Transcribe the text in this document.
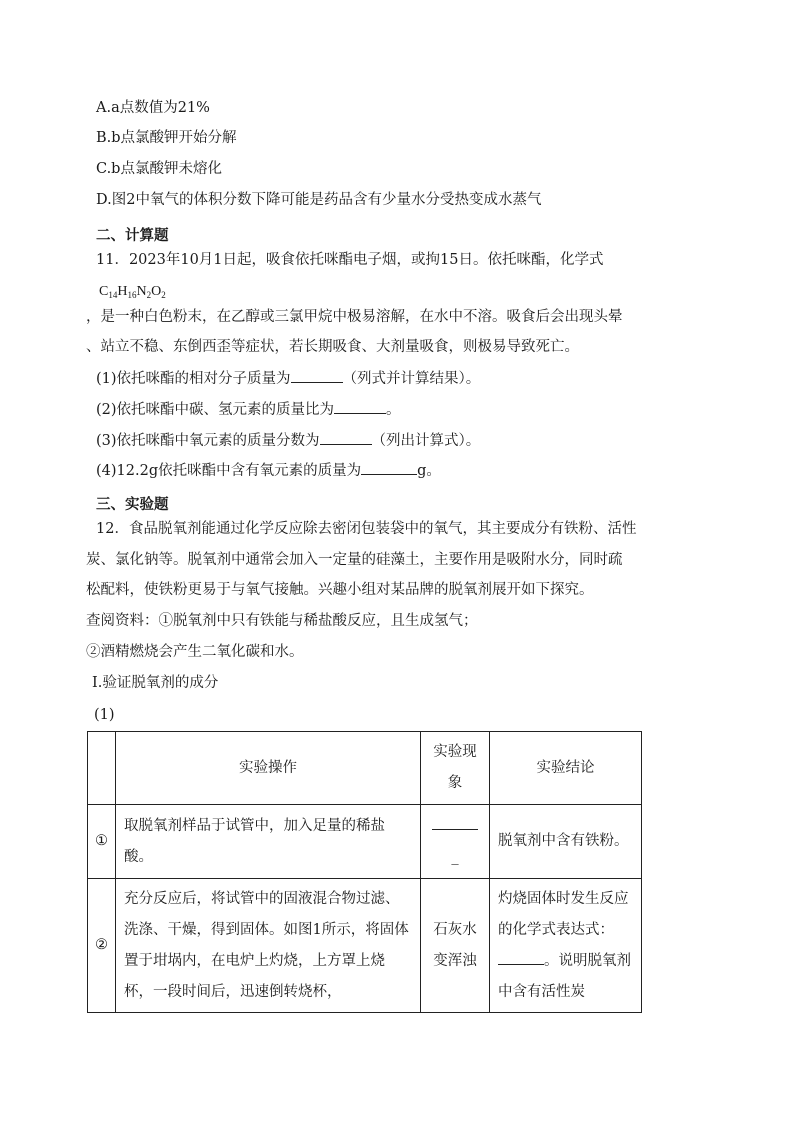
A.a点数值为21%
B.b点氯酸钾开始分解
C.b点氯酸钾未熔化
D.图2中氧气的体积分数下降可能是药品含有少量水分受热变成水蒸气
二、计算题
11．2023年10月1日起，吸食依托咪酯电子烟，或拘15日。依托咪酯，化学式
$C_{14}H_{16}N_2O_2$
，是一种白色粉末，在乙醇或三氯甲烷中极易溶解，在水中不溶。吸食后会出现头晕
、站立不稳、东倒西歪等症状，若长期吸食、大剂量吸食，则极易导致死亡。
(1)依托咪酯的相对分子质量为	（列式并计算结果）。
(2)依托咪酯中碳、氢元素的质量比为	。
(3)依托咪酯中氧元素的质量分数为	（列出计算式）。
(4)12.2g依托咪酯中含有氧元素的质量为	g。
三、实验题
12．食品脱氧剂能通过化学反应除去密闭包装袋中的氧气，其主要成分有铁粉、活性
炭、氯化钠等。脱氧剂中通常会加入一定量的硅藻土，主要作用是吸附水分，同时疏
松配料，使铁粉更易于与氧气接触。兴趣小组对某品牌的脱氧剂展开如下探究。
查阅资料：①脱氧剂中只有铁能与稀盐酸反应，且生成氢气；
②酒精燃烧会产生二氧化碳和水。
Ⅰ.验证脱氧剂的成分
(1)
	实验操作	实验现象	实验结论
①	取脱氧剂样品于试管中，加入足量的稀盐酸。	_	脱氧剂中含有铁粉。
②	充分反应后，将试管中的固液混合物过滤、洗涤、干燥，得到固体。如图1所示，将固体置于坩埚内，在电炉上灼烧，上方罩上烧杯，一段时间后，迅速倒转烧杯，	石灰水变浑浊	灼烧固体时发生反应的化学式表达式：。说明脱氧剂中含有活性炭
